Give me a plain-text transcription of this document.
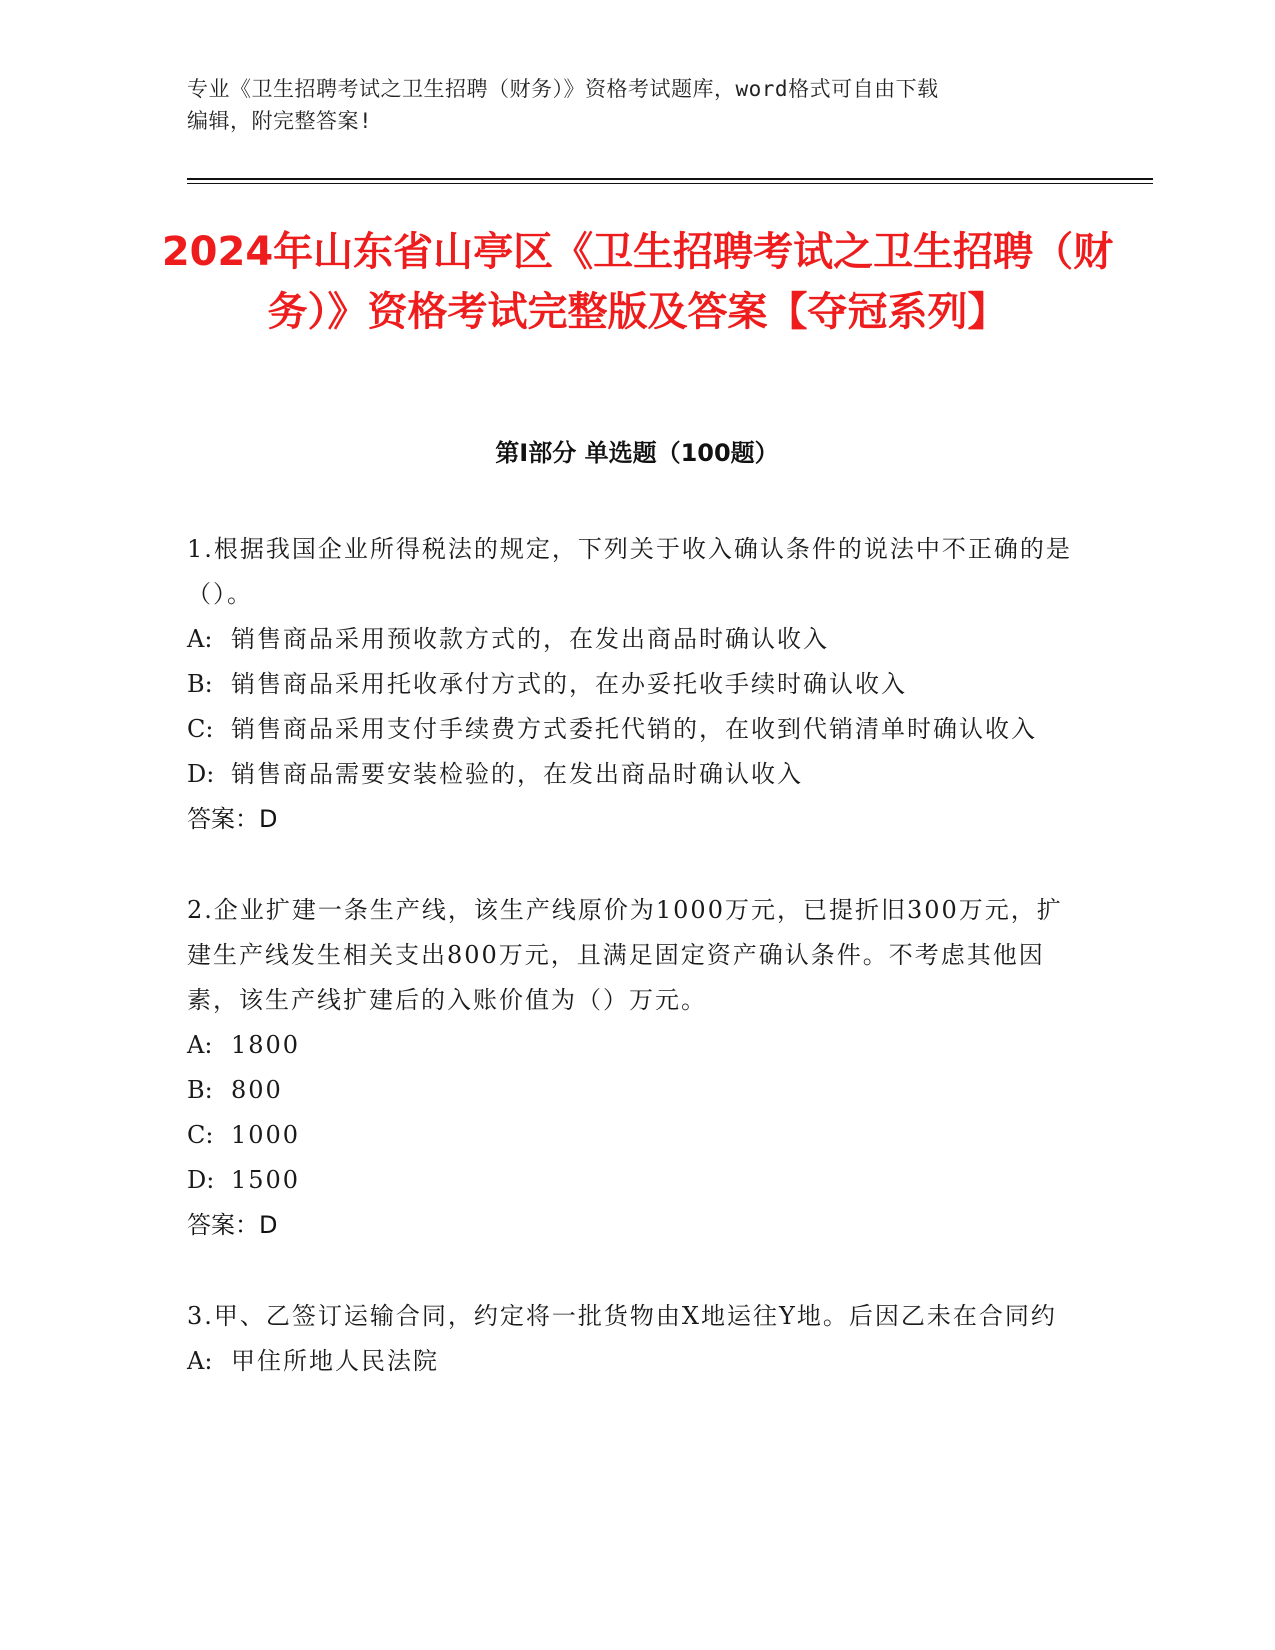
专业《卫生招聘考试之卫生招聘（财务）》资格考试题库，word格式可自由下载
编辑，附完整答案!
2024年山东省山亭区《卫生招聘考试之卫生招聘（财务）》资格考试完整版及答案【夺冠系列】
第I部分 单选题（100题）

1.根据我国企业所得税法的规定，下列关于收入确认条件的说法中不正确的是（）。

A: 销售商品采用预收款方式的，在发出商品时确认收入

B: 销售商品采用托收承付方式的，在办妥托收手续时确认收入

C: 销售商品采用支付手续费方式委托代销的，在收到代销清单时确认收入

D: 销售商品需要安装检验的，在发出商品时确认收入

答案：D

2.企业扩建一条生产线，该生产线原价为1000万元，已提折旧300万元，扩建生产线发生相关支出800万元，且满足固定资产确认条件。不考虑其他因素，该生产线扩建后的入账价值为（）万元。

A: 1800

B: 800

C: 1000

D: 1500

答案：D

3.甲、乙签订运输合同，约定将一批货物由X地运往Y地。后因乙未在合同约

A: 甲住所地人民法院
